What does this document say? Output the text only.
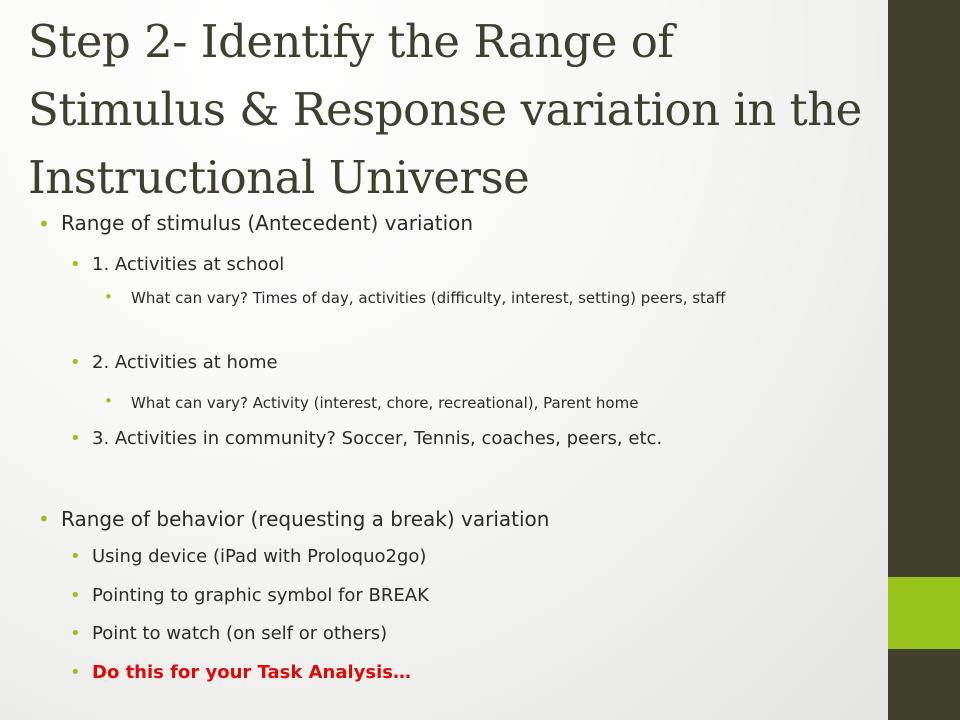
Step 2- Identify the Range of Stimulus & Response variation in the Instructional Universe
• Range of stimulus (Antecedent) variation

• 1. Activities at school

• What can vary? Times of day, activities (difficulty, interest, setting) peers, staff

• 2. Activities at home

• What can vary? Activity (interest, chore, recreational), Parent home

• 3. Activities in community? Soccer, Tennis, coaches, peers, etc.

• Range of behavior (requesting a break) variation

• Using device (iPad with Proloquo2go)

• Pointing to graphic symbol for BREAK

• Point to watch (on self or others)

• Do this for your Task Analysis…
